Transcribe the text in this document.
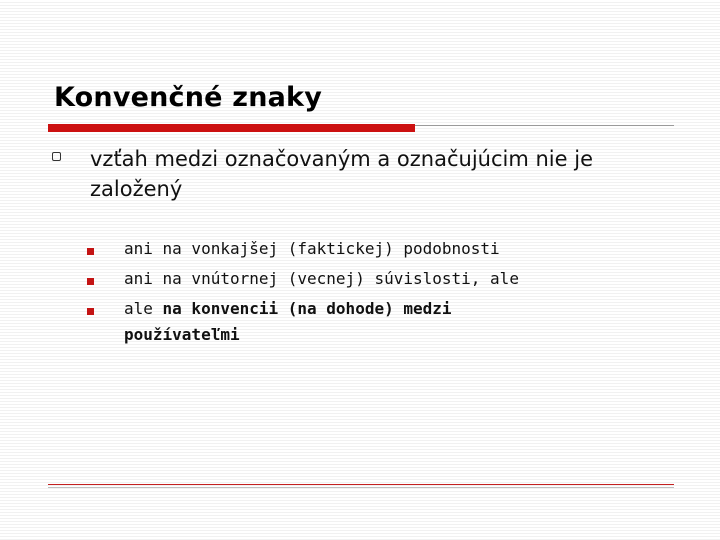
Konvenčné znaky
vzťah medzi označovaným a označujúcim nie je založený
ani na vonkajšej (faktickej) podobnosti
ani na vnútornej (vecnej) súvislosti, ale
ale na konvencii (na dohode) medzi používateľmi
